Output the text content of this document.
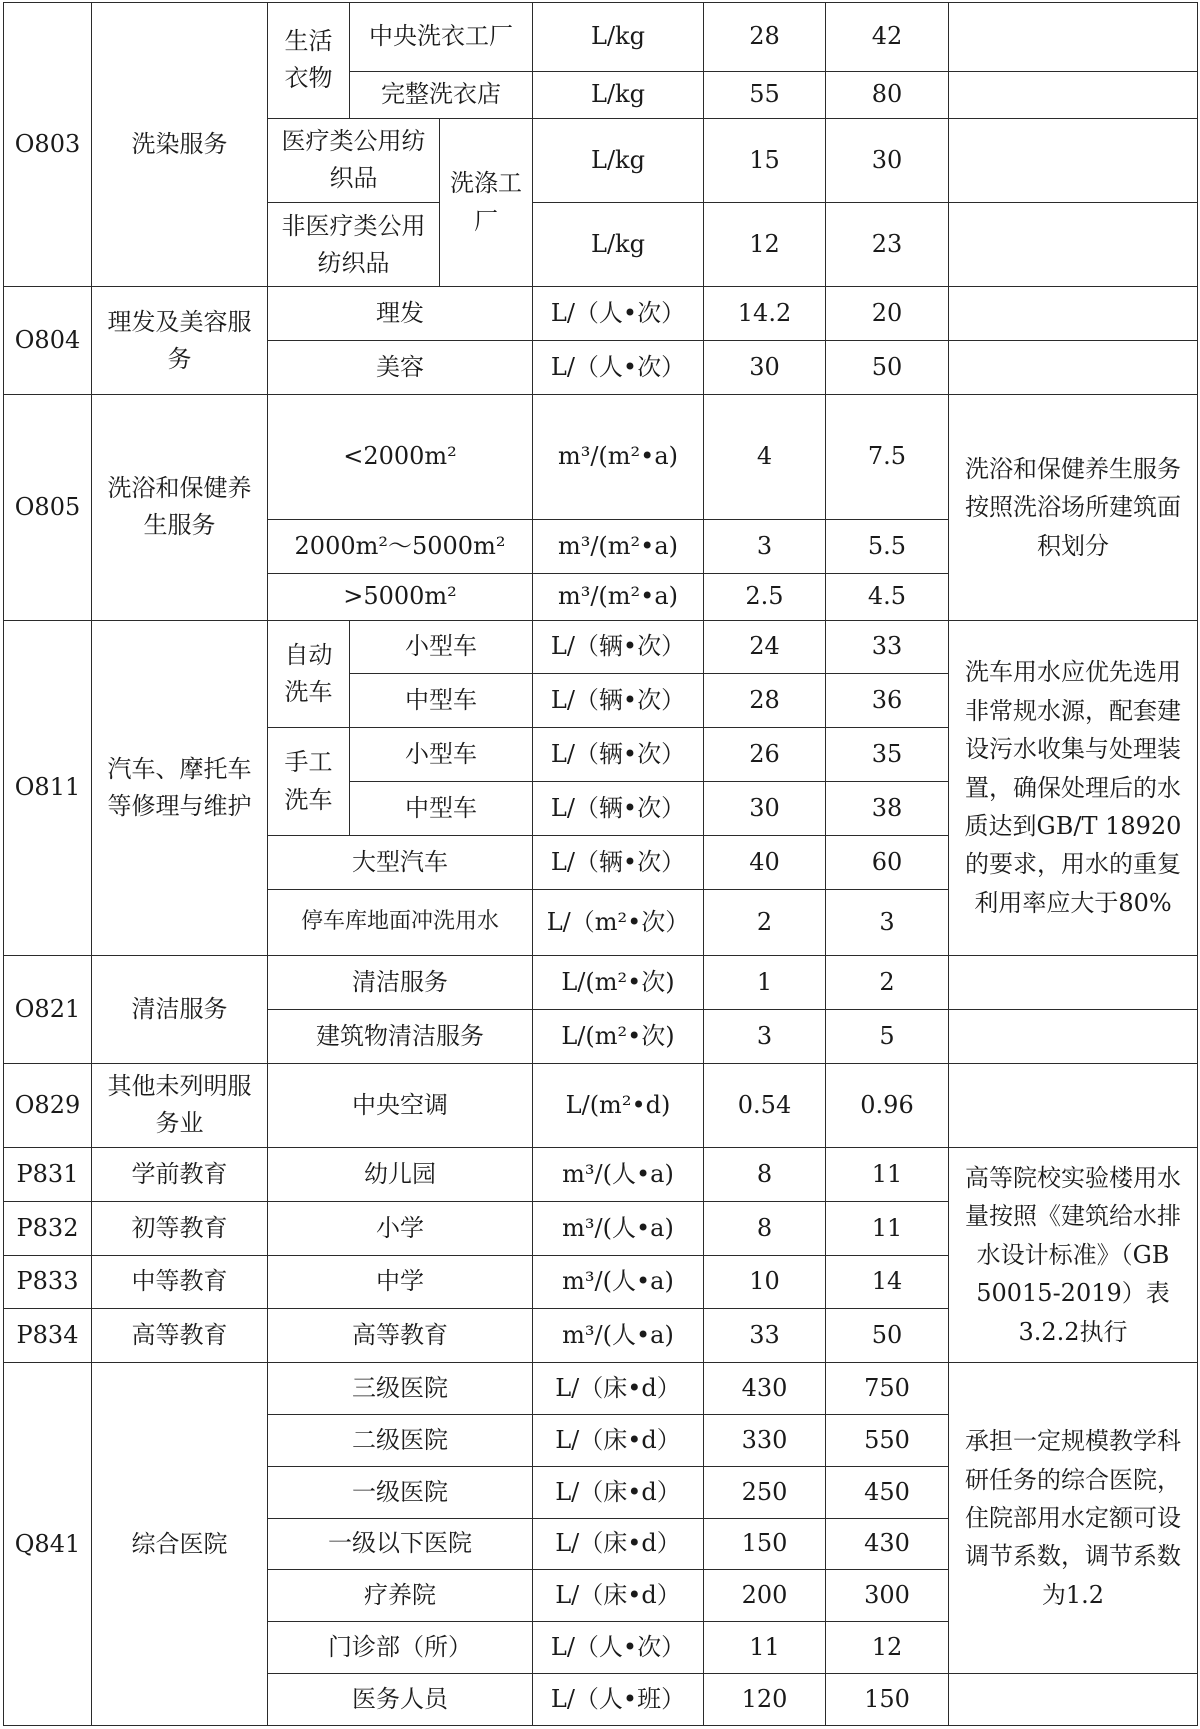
O803	洗染服务	生活衣物	中央洗衣工厂		L/kg	28	42	
			完整洗衣店		L/kg	55	80	
		医疗类公用纺织品		洗涤工厂	L/kg	15	30	
		非医疗类公用纺织品			L/kg	12	23	
O804	理发及美容服务	理发			L/（人•次）	14.2	20	
		美容			L/（人•次）	30	50	
O805	洗浴和保健养生服务	<2000m²			m³/(m²•a)	4	7.5	洗浴和保健养生服务按照洗浴场所建筑面积划分
		2000m²～5000m²			m³/(m²•a)	3	5.5	
		>5000m²			m³/(m²•a)	2.5	4.5	
O811	汽车、摩托车等修理与维护	自动洗车	小型车		L/（辆•次）	24	33	洗车用水应优先选用非常规水源，配套建设污水收集与处理装置，确保处理后的水质达到GB/T 18920的要求，用水的重复利用率应大于80%
			中型车		L/（辆•次）	28	36	
		手工洗车	小型车		L/（辆•次）	26	35	
			中型车		L/（辆•次）	30	38	
		大型汽车			L/（辆•次）	40	60	
		停车库地面冲洗用水			L/（m²•次）	2	3	
O821	清洁服务	清洁服务			L/(m²•次)	1	2	
		建筑物清洁服务			L/(m²•次)	3	5	
O829	其他未列明服务业	中央空调			L/(m²•d)	0.54	0.96	
P831	学前教育	幼儿园			m³/(人•a)	8	11	高等院校实验楼用水量按照《建筑给水排水设计标准》（GB 50015-2019）表3.2.2执行
P832	初等教育	小学			m³/(人•a)	8	11	
P833	中等教育	中学			m³/(人•a)	10	14	
P834	高等教育	高等教育			m³/(人•a)	33	50	
Q841	综合医院	三级医院			L/（床•d）	430	750	承担一定规模教学科研任务的综合医院，住院部用水定额可设调节系数，调节系数为1.2
		二级医院			L/（床•d）	330	550	
		一级医院			L/（床•d）	250	450	
		一级以下医院			L/（床•d）	150	430	
		疗养院			L/（床•d）	200	300	
		门诊部（所）			L/（人•次）	11	12	
		医务人员			L/（人•班）	120	150	
